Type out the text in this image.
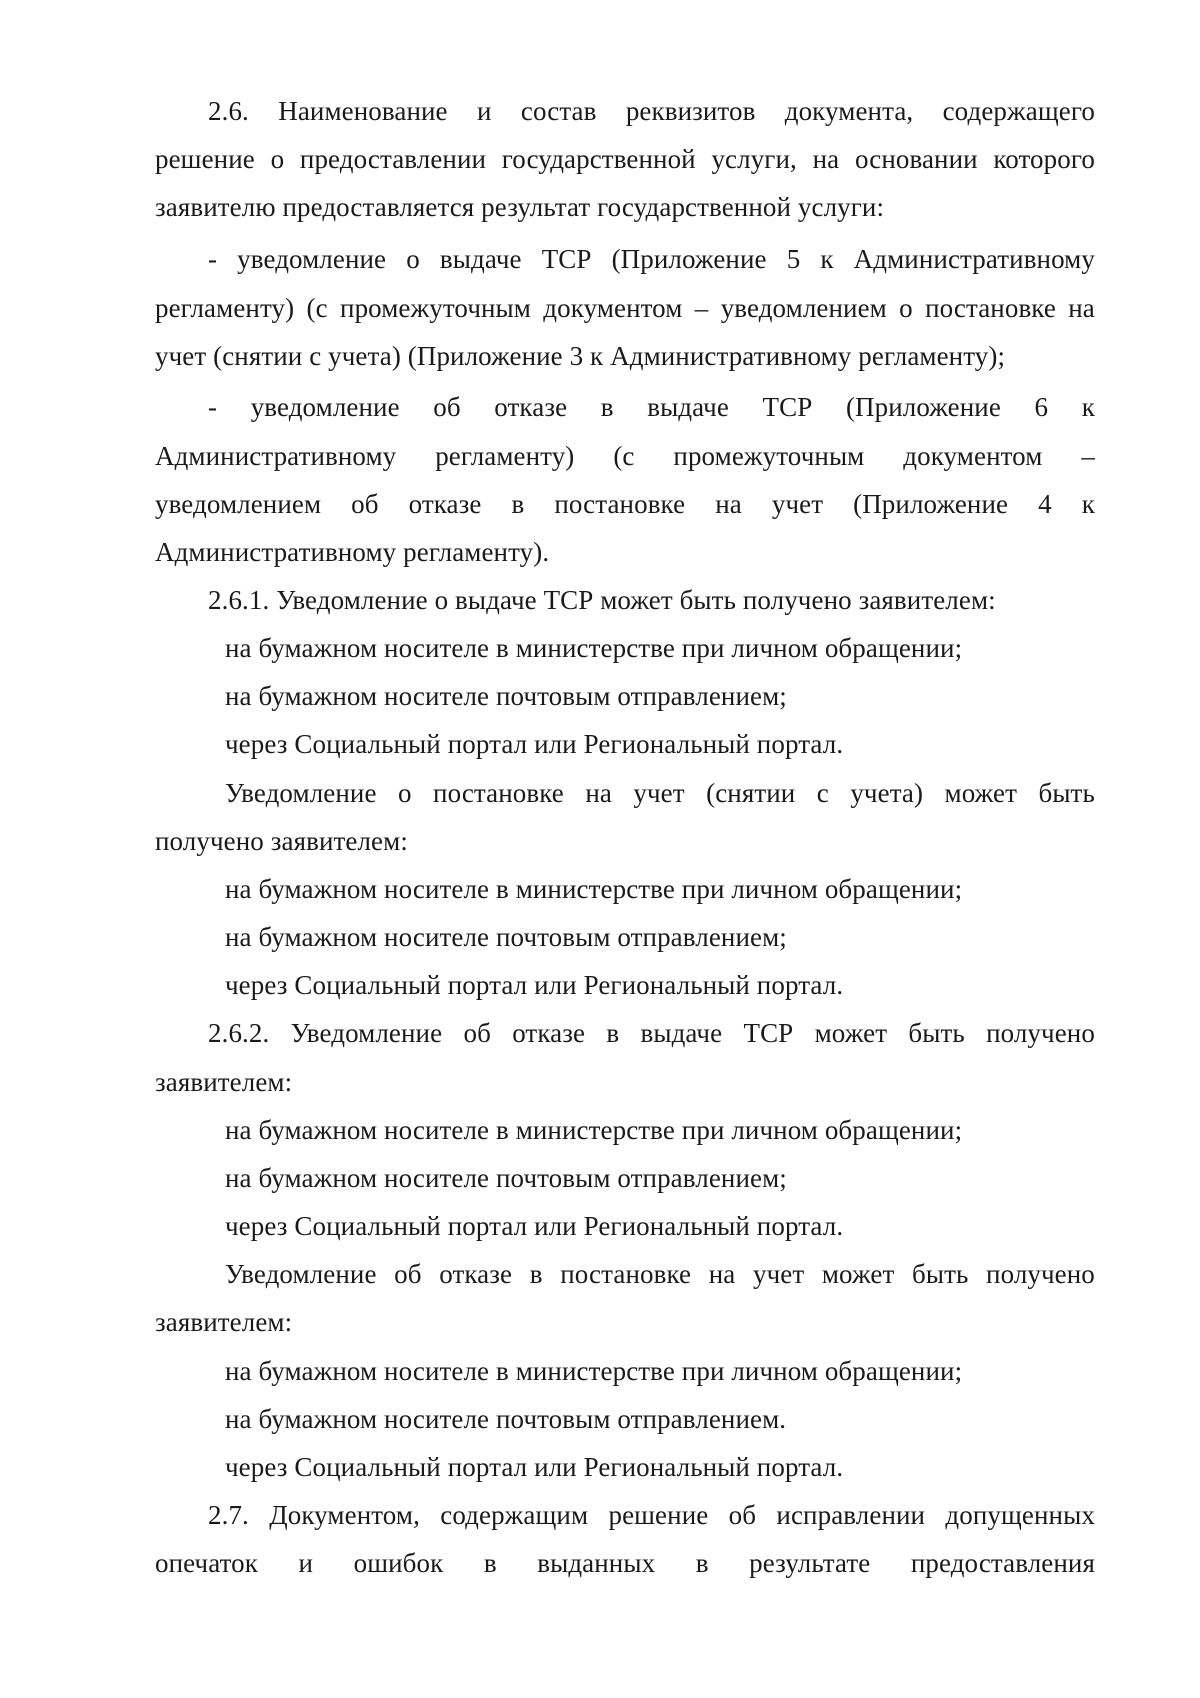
2.6. Наименование и состав реквизитов документа, содержащего
решение о предоставлении государственной услуги, на основании которого
заявителю предоставляется результат государственной услуги:
- уведомление о выдаче ТСР (Приложение 5 к Административному
регламенту) (с промежуточным документом – уведомлением о постановке на
учет (снятии с учета) (Приложение 3 к Административному регламенту);
- уведомление об отказе в выдаче ТСР (Приложение 6 к
Административному регламенту) (с промежуточным документом –
уведомлением об отказе в постановке на учет (Приложение 4 к
Административному регламенту).
2.6.1. Уведомление о выдаче ТСР может быть получено заявителем:
на бумажном носителе в министерстве при личном обращении;
на бумажном носителе почтовым отправлением;
через Социальный портал или Региональный портал.
Уведомление о постановке на учет (снятии с учета) может быть
получено заявителем:
на бумажном носителе в министерстве при личном обращении;
на бумажном носителе почтовым отправлением;
через Социальный портал или Региональный портал.
2.6.2. Уведомление об отказе в выдаче ТСР может быть получено
заявителем:
на бумажном носителе в министерстве при личном обращении;
на бумажном носителе почтовым отправлением;
через Социальный портал или Региональный портал.
Уведомление об отказе в постановке на учет может быть получено
заявителем:
на бумажном носителе в министерстве при личном обращении;
на бумажном носителе почтовым отправлением.
через Социальный портал или Региональный портал.
2.7. Документом, содержащим решение об исправлении допущенных
опечаток и ошибок в выданных в результате предоставления
